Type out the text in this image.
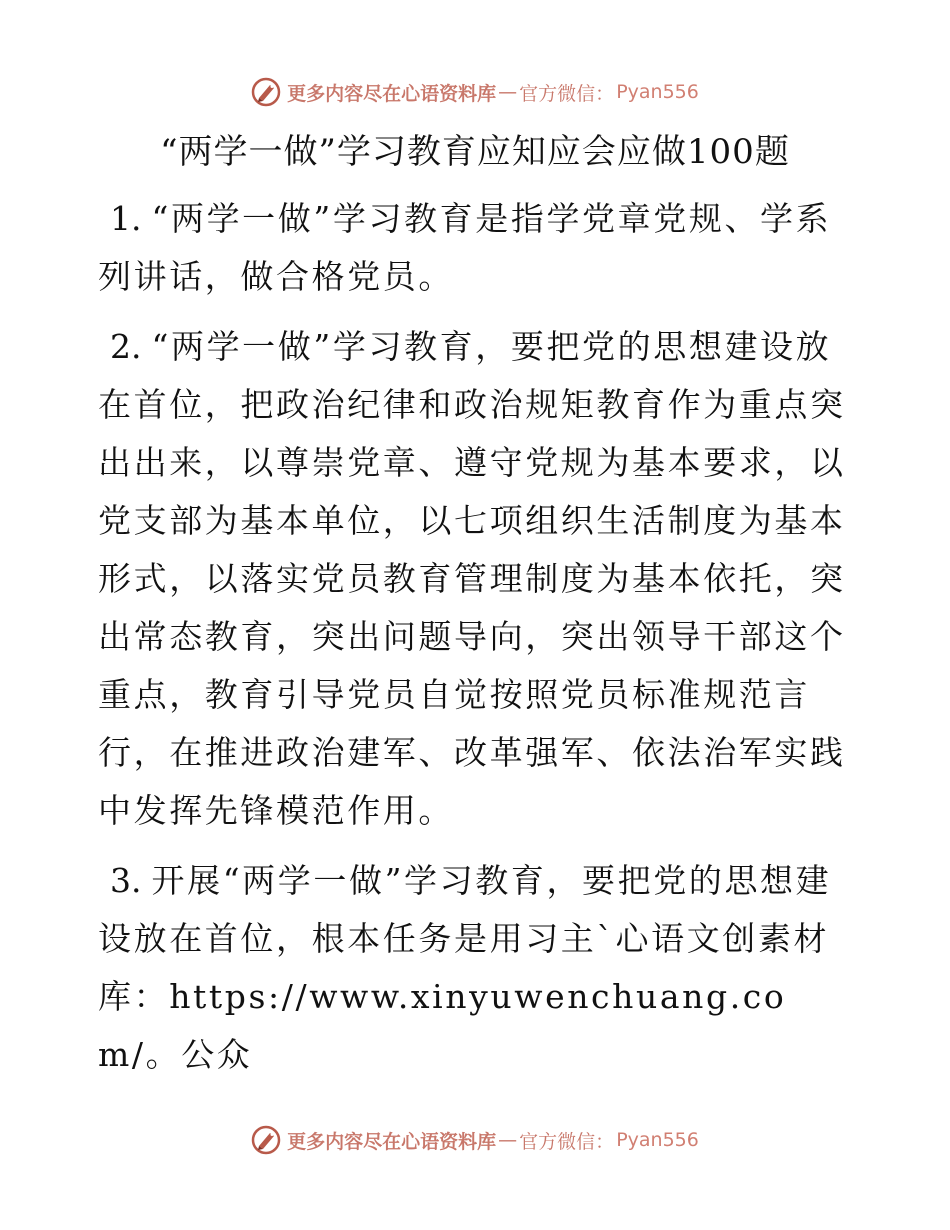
更多内容尽在心语资料库 — 官方微信： Pyan556
“两学一做”学习教育应知应会应做100题

1. “两学一做”学习教育是指学党章党规、学系列讲话，做合格党员。

2. “两学一做”学习教育，要把党的思想建设放在首位，把政治纪律和政治规矩教育作为重点突出出来，以尊崇党章、遵守党规为基本要求，以党支部为基本单位，以七项组织生活制度为基本形式，以落实党员教育管理制度为基本依托，突出常态教育，突出问题导向，突出领导干部这个重点，教育引导党员自觉按照党员标准规范言行，在推进政治建军、改革强军、依法治军实践中发挥先锋模范作用。

3. 开展“两学一做”学习教育，要把党的思想建设放在首位，根本任务是用习主`心语文创素材库：https://www.xinyuwenchuang.com/。公众

更多内容尽在心语资料库 — 官方微信： Pyan556
